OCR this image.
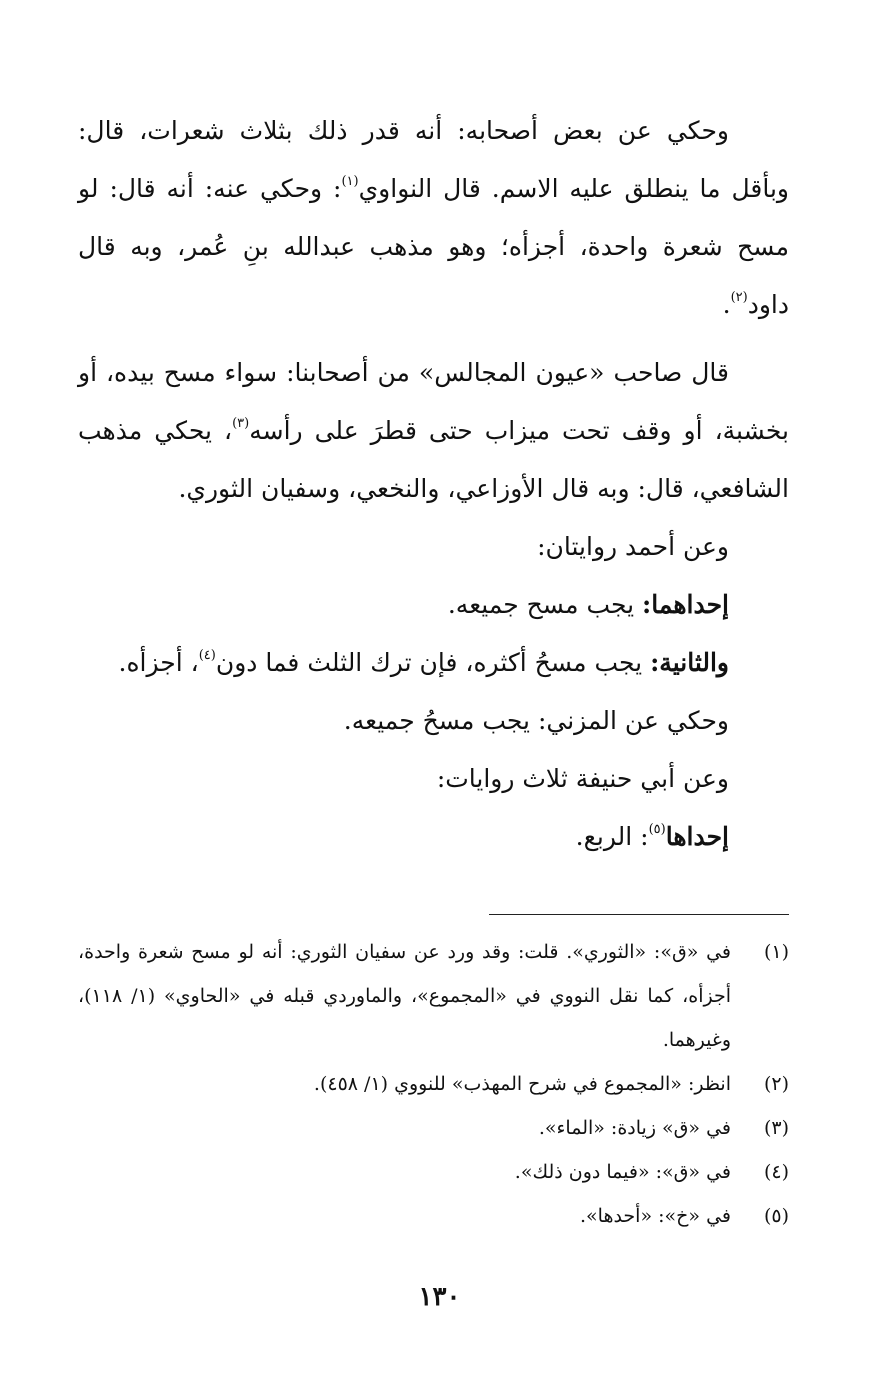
وحكي عن بعض أصحابه: أنه قدر ذلك بثلاث شعرات، قال: وبأقل ما ينطلق عليه الاسم. قال النواوي$^{(١)}$: وحكي عنه: أنه قال: لو مسح شعرة واحدة، أجزأه؛ وهو مذهب عبدالله بنِ عُمر، وبه قال داود$^{(٢)}$.

قال صاحب «عيون المجالس» من أصحابنا: سواء مسح بيده، أو بخشبة، أو وقف تحت ميزاب حتى قطرَ على رأسه$^{(٣)}$، يحكي مذهب الشافعي، قال: وبه قال الأوزاعي، والنخعي، وسفيان الثوري.

وعن أحمد روايتان:

إحداهما: يجب مسح جميعه.

والثانية: يجب مسحُ أكثره، فإن ترك الثلث فما دون$^{(٤)}$، أجزأه.

وحكي عن المزني: يجب مسحُ جميعه.

وعن أبي حنيفة ثلاث روايات:

إحداها$^{(٥)}$: الربع.

(١)
في «ق»: «الثوري». قلت: وقد ورد عن سفيان الثوري: أنه لو مسح شعرة واحدة، أجزأه، كما نقل النووي في «المجموع»، والماوردي قبله في «الحاوي» (١/ ١١٨)، وغيرهما.
(٢)
انظر: «المجموع في شرح المهذب» للنووي (١/ ٤٥٨).
(٣)
في «ق» زيادة: «الماء».
(٤)
في «ق»: «فيما دون ذلك».
(٥)
في «خ»: «أحدها».
١٣٠
